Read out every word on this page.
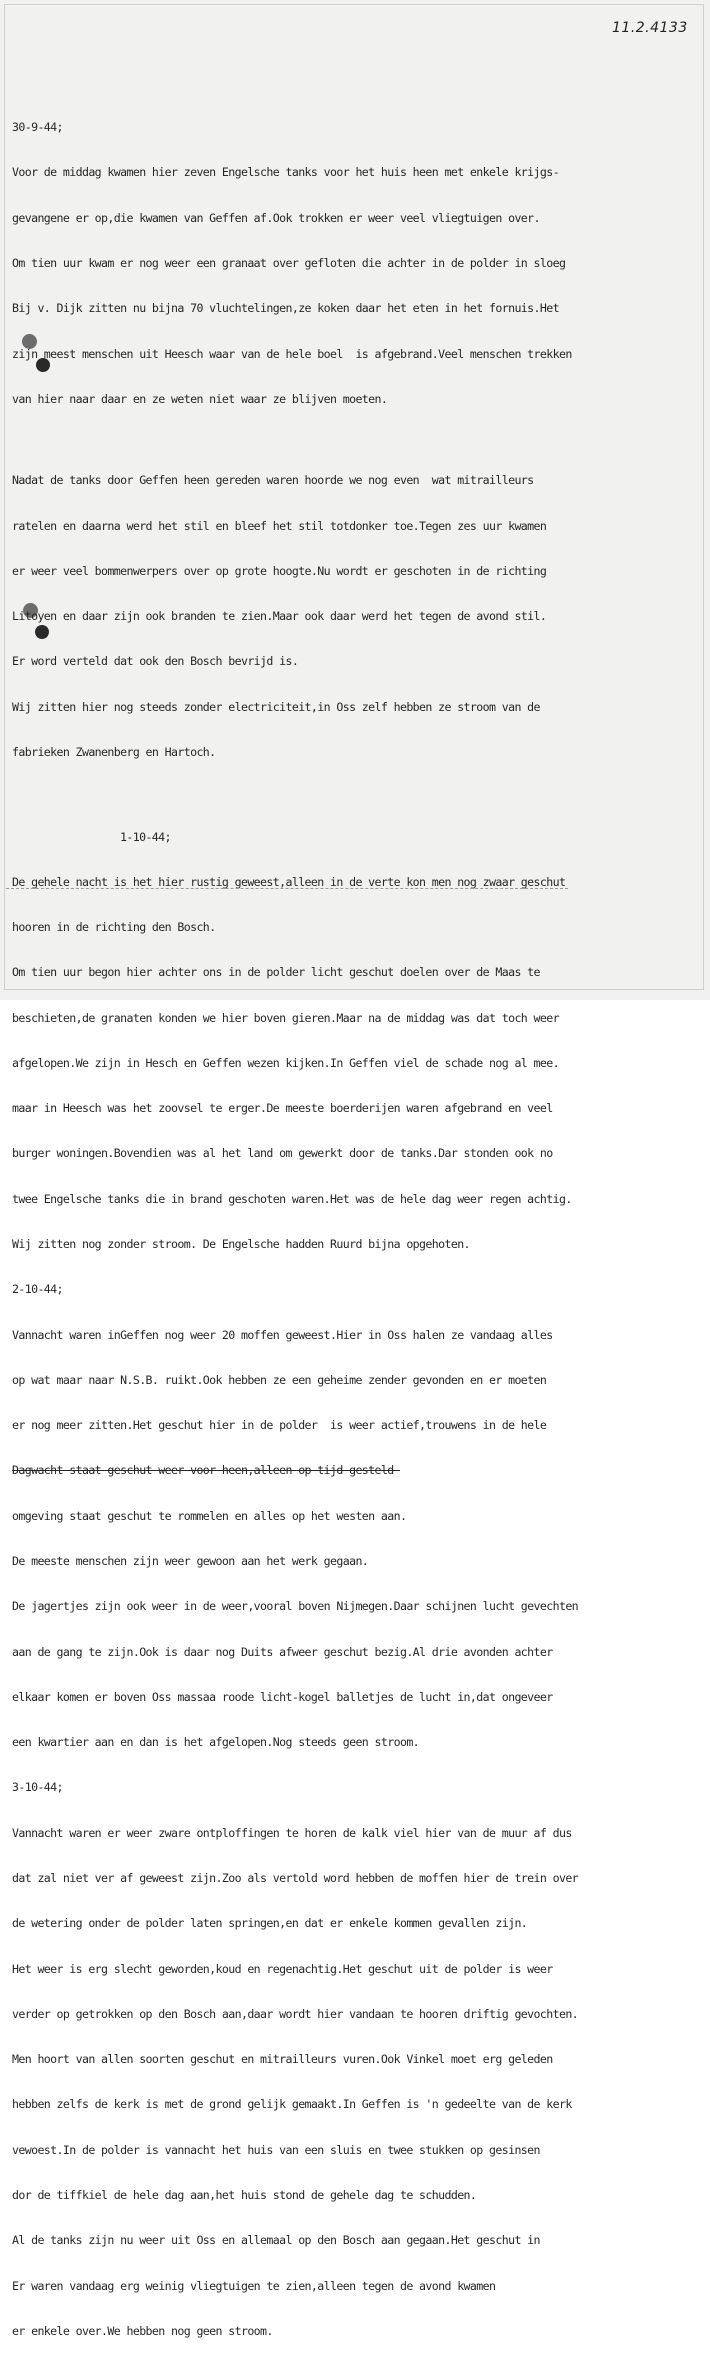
11.2.4133

30-9-44;

Voor de middag kwamen hier zeven Engelsche tanks voor het huis heen met enkele krijgs-

gevangene er op,die kwamen van Geffen af.Ook trokken er weer veel vliegtuigen over.

Om tien uur kwam er nog weer een granaat over gefloten die achter in de polder in sloeg

Bij v. Dijk zitten nu bijna 70 vluchtelingen,ze koken daar het eten in het fornuis.Het

zijn meest menschen uit Heesch waar van de hele boel  is afgebrand.Veel menschen trekken

van hier naar daar en ze weten niet waar ze blijven moeten.

Nadat de tanks door Geffen heen gereden waren hoorde we nog even  wat mitrailleurs

ratelen en daarna werd het stil en bleef het stil totdonker toe.Tegen zes uur kwamen

er weer veel bommenwerpers over op grote hoogte.Nu wordt er geschoten in de richting

Litoyen en daar zijn ook branden te zien.Maar ook daar werd het tegen de avond stil.

Er word verteld dat ook den Bosch bevrijd is.

Wij zitten hier nog steeds zonder electriciteit,in Oss zelf hebben ze stroom van de

fabrieken Zwanenberg en Hartoch.

1-10-44;

De gehele nacht is het hier rustig geweest,alleen in de verte kon men nog zwaar geschut

hooren in de richting den Bosch.

Om tien uur begon hier achter ons in de polder licht geschut doelen over de Maas te

beschieten,de granaten konden we hier boven gieren.Maar na de middag was dat toch weer

afgelopen.We zijn in Hesch en Geffen wezen kijken.In Geffen viel de schade nog al mee.

maar in Heesch was het zoovsel te erger.De meeste boerderijen waren afgebrand en veel

burger woningen.Bovendien was al het land om gewerkt door de tanks.Dar stonden ook no

twee Engelsche tanks die in brand geschoten waren.Het was de hele dag weer regen achtig.

Wij zitten nog zonder stroom. De Engelsche hadden Ruurd bijna opgehoten.

2-10-44;

Vannacht waren inGeffen nog weer 20 moffen geweest.Hier in Oss halen ze vandaag alles

op wat maar naar N.S.B. ruikt.Ook hebben ze een geheime zender gevonden en er moeten

er nog meer zitten.Het geschut hier in de polder  is weer actief,trouwens in de hele

Dagwacht staat geschut weer voor heen,alleen op tijd gesteld

omgeving staat geschut te rommelen en alles op het westen aan.

De meeste menschen zijn weer gewoon aan het werk gegaan.

De jagertjes zijn ook weer in de weer,vooral boven Nijmegen.Daar schijnen lucht gevechten

aan de gang te zijn.Ook is daar nog Duits afweer geschut bezig.Al drie avonden achter

elkaar komen er boven Oss massaa roode licht-kogel balletjes de lucht in,dat ongeveer

een kwartier aan en dan is het afgelopen.Nog steeds geen stroom.

3-10-44;

Vannacht waren er weer zware ontploffingen te horen de kalk viel hier van de muur af dus

dat zal niet ver af geweest zijn.Zoo als vertold word hebben de moffen hier de trein over

de wetering onder de polder laten springen,en dat er enkele kommen gevallen zijn.

Het weer is erg slecht geworden,koud en regenachtig.Het geschut uit de polder is weer

verder op getrokken op den Bosch aan,daar wordt hier vandaan te hooren driftig gevochten.

Men hoort van allen soorten geschut en mitrailleurs vuren.Ook Vinkel moet erg geleden

hebben zelfs de kerk is met de grond gelijk gemaakt.In Geffen is 'n gedeelte van de kerk

vewoest.In de polder is vannacht het huis van een sluis en twee stukken op gesinsen

dor de tiffkiel de hele dag aan,het huis stond de gehele dag te schudden.

Al de tanks zijn nu weer uit Oss en allemaal op den Bosch aan gegaan.Het geschut in

Er waren vandaag erg weinig vliegtuigen te zien,alleen tegen de avond kwamen

er enkele over.We hebben nog geen stroom.
